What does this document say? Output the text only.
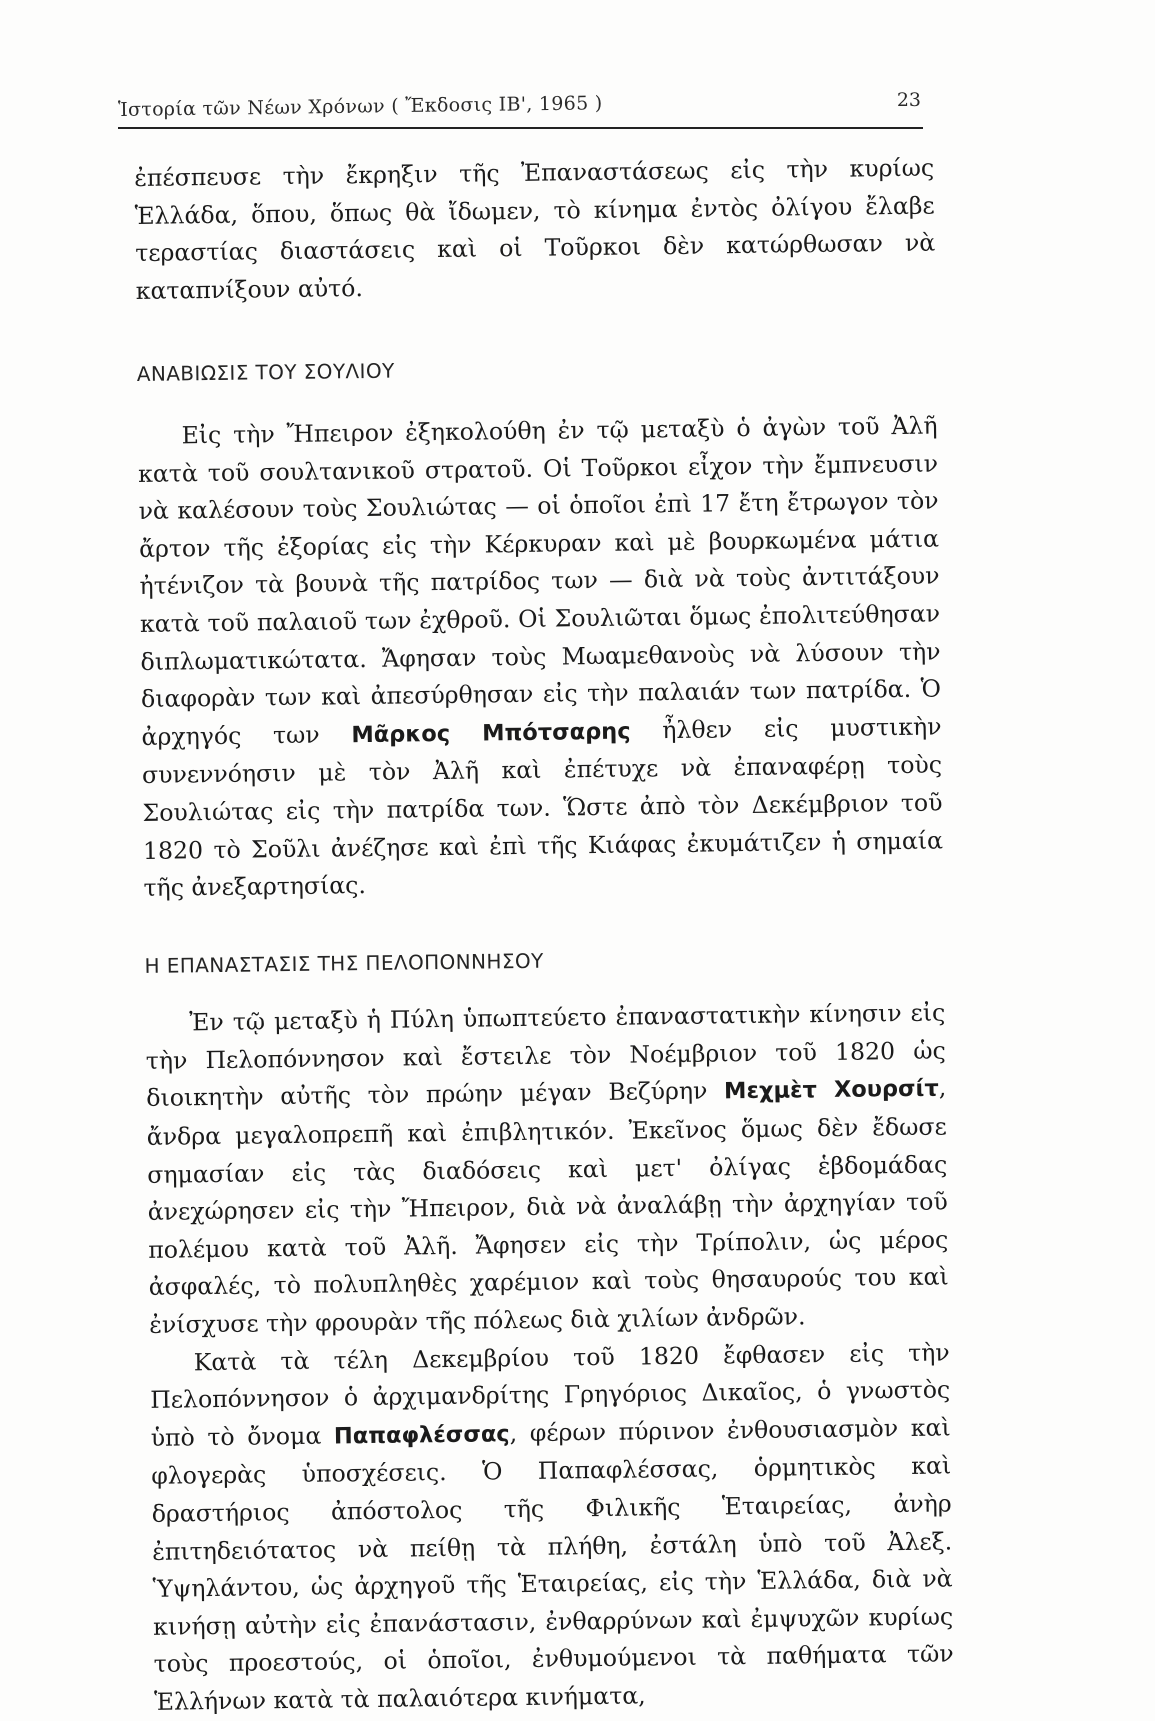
Ἱστορία τῶν Νέων Χρόνων ( Ἔκδοσις ΙΒ', 1965 )	23

ἐπέσπευσε τὴν ἔκρηξιν τῆς Ἐπαναστάσεως εἰς τὴν κυρίως Ἑλλάδα, ὅπου, ὅπως θὰ ἴδωμεν, τὸ κίνημα ἐντὸς ὀλίγου ἔλαβε τεραστίας διαστάσεις καὶ οἱ Τοῦρκοι δὲν κατώρθωσαν νὰ καταπνίξουν αὐτό.

ΑΝΑΒΙΩΣΙΣ ΤΟΥ ΣΟΥΛΙΟΥ

Εἰς τὴν Ἤπειρον ἐξηκολούθη ἐν τῷ μεταξὺ ὁ ἀγὼν τοῦ Ἀλῆ κατὰ τοῦ σουλτανικοῦ στρατοῦ. Οἱ Τοῦρκοι εἶχον τὴν ἔμπνευσιν νὰ καλέσουν τοὺς Σουλιώτας — οἱ ὁποῖοι ἐπὶ 17 ἔτη ἔτρωγον τὸν ἄρτον τῆς ἐξορίας εἰς τὴν Κέρκυραν καὶ μὲ βουρκωμένα μάτια ἠτένιζον τὰ βουνὰ τῆς πατρίδος των — διὰ νὰ τοὺς ἀντιτάξουν κατὰ τοῦ παλαιοῦ των ἐχθροῦ. Οἱ Σουλιῶται ὅμως ἐπολιτεύθησαν διπλωματικώτατα. Ἄφησαν τοὺς Μωαμεθανοὺς νὰ λύσουν τὴν διαφορὰν των καὶ ἀπεσύρθησαν εἰς τὴν παλαιάν των πατρίδα. Ὁ ἀρχηγός των Μᾶρκος Μπότσαρης ἦλθεν εἰς μυστικὴν συνεννόησιν μὲ τὸν Ἀλῆ καὶ ἐπέτυχε νὰ ἐπαναφέρῃ τοὺς Σουλιώτας εἰς τὴν πατρίδα των. Ὥστε ἀπὸ τὸν Δεκέμβριον τοῦ 1820 τὸ Σοῦλι ἀνέζησε καὶ ἐπὶ τῆς Κιάφας ἐκυμάτιζεν ἡ σημαία τῆς ἀνεξαρτησίας.

Η ΕΠΑΝΑΣΤΑΣΙΣ ΤΗΣ ΠΕΛΟΠΟΝΝΗΣΟΥ

Ἐν τῷ μεταξὺ ἡ Πύλη ὑπωπτεύετο ἐπαναστατικὴν κίνησιν εἰς τὴν Πελοπόννησον καὶ ἔστειλε τὸν Νοέμβριον τοῦ 1820 ὡς διοικητὴν αὐτῆς τὸν πρώην μέγαν Βεζύρην Μεχμὲτ Χουρσίτ, ἄνδρα μεγαλοπρεπῆ καὶ ἐπιβλητικόν. Ἐκεῖνος ὅμως δὲν ἔδωσε σημασίαν εἰς τὰς διαδόσεις καὶ μετ' ὀλίγας ἑβδομάδας ἀνεχώρησεν εἰς τὴν Ἤπειρον, διὰ νὰ ἀναλάβῃ τὴν ἀρχηγίαν τοῦ πολέμου κατὰ τοῦ Ἀλῆ. Ἄφησεν εἰς τὴν Τρίπολιν, ὡς μέρος ἀσφαλές, τὸ πολυπληθὲς χαρέμιον καὶ τοὺς θησαυρούς του καὶ ἐνίσχυσε τὴν φρουρὰν τῆς πόλεως διὰ χιλίων ἀνδρῶν.

Κατὰ τὰ τέλη Δεκεμβρίου τοῦ 1820 ἔφθασεν εἰς τὴν Πελοπόννησον ὁ ἀρχιμανδρίτης Γρηγόριος Δικαῖος, ὁ γνωστὸς ὑπὸ τὸ ὄνομα Παπαφλέσσας, φέρων πύρινον ἐνθουσιασμὸν καὶ φλογερὰς ὑποσχέσεις. Ὁ Παπαφλέσσας, ὁρμητικὸς καὶ δραστήριος ἀπόστολος τῆς Φιλικῆς Ἑταιρείας, ἀνὴρ ἐπιτηδειότατος νὰ πείθῃ τὰ πλήθη, ἐστάλη ὑπὸ τοῦ Ἀλεξ. Ὑψηλάντου, ὡς ἀρχηγοῦ τῆς Ἑταιρείας, εἰς τὴν Ἑλλάδα, διὰ νὰ κινήσῃ αὐτὴν εἰς ἐπανάστασιν, ἐνθαρρύνων καὶ ἐμψυχῶν κυρίως τοὺς προεστούς, οἱ ὁποῖοι, ἐνθυμούμενοι τὰ παθήματα τῶν Ἑλλήνων κατὰ τὰ παλαιότερα κινήματα,
